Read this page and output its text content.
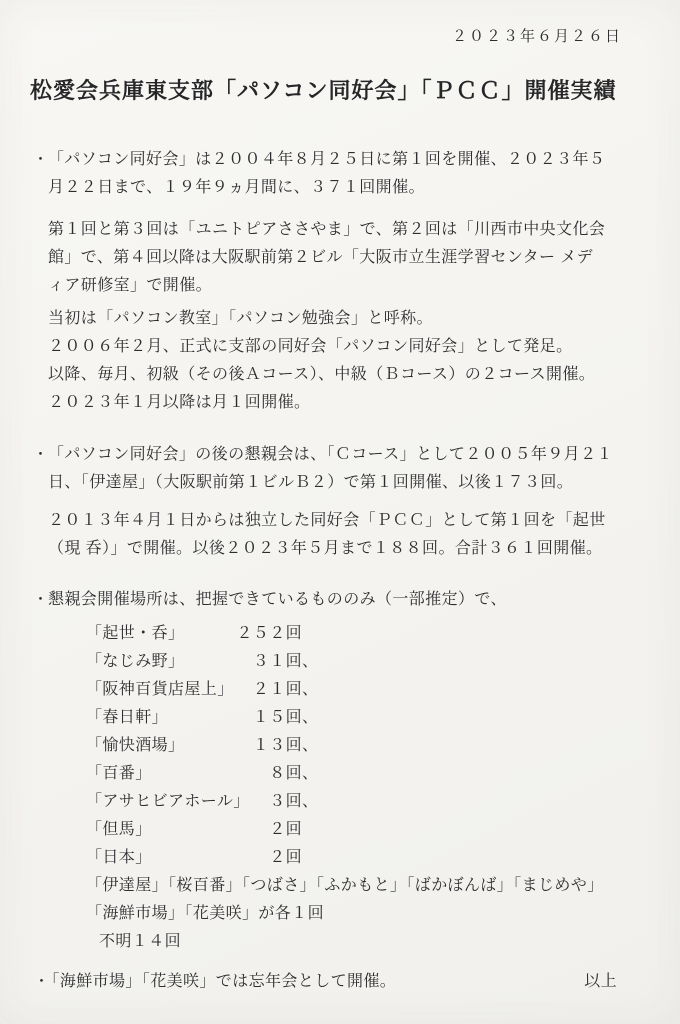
２０２３年６月２６日
松愛会兵庫東支部「パソコン同好会」「ＰＣＣ」開催実績
・ 「パソコン同好会」は２００４年８月２５日に第１回を開催、２０２３年５
月２２日まで、１９年９ヵ月間に、３７１回開催。
第１回と第３回は「ユニトピアささやま」で、第２回は「川西市中央文化会
館」で、第４回以降は大阪駅前第２ビル「大阪市立生涯学習センター メデ
ィア研修室」で開催。
当初は「パソコン教室」「パソコン勉強会」と呼称。
２００６年２月、正式に支部の同好会「パソコン同好会」として発足。
以降、毎月、初級（その後Ａコース）、中級（Ｂコース）の２コース開催。
２０２３年１月以降は月１回開催。
・ 「パソコン同好会」の後の懇親会は、「Ｃコース」として２００５年９月２１
日、「伊達屋」（大阪駅前第１ビルＢ２）で第１回開催、以後１７３回。
２０１３年４月１日からは独立した同好会「ＰＣＣ」として第１回を「起世
（現 呑）」で開催。以後２０２３年５月まで１８８回。合計３６１回開催。
・ 懇親会開催場所は、把握できているもののみ（一部推定）で、
「起世・呑」	２５２回
「なじみ野」	３１回 、
「阪神百貨店屋上」 ２１回 、
「春日軒」	１５回 、
「愉快酒場」	１３回 、
「百番」	８回 、
「アサヒビアホール」 ３回 、
「但馬」	２回
「日本」	２回
「伊達屋」「桜百番」「つばさ」「ふかもと」「ばかぼんば」「まじめや」
「海鮮市場」「花美咲」が各１回
不明１４回
・ 「海鮮市場」「花美咲」では忘年会として開催。	以上
